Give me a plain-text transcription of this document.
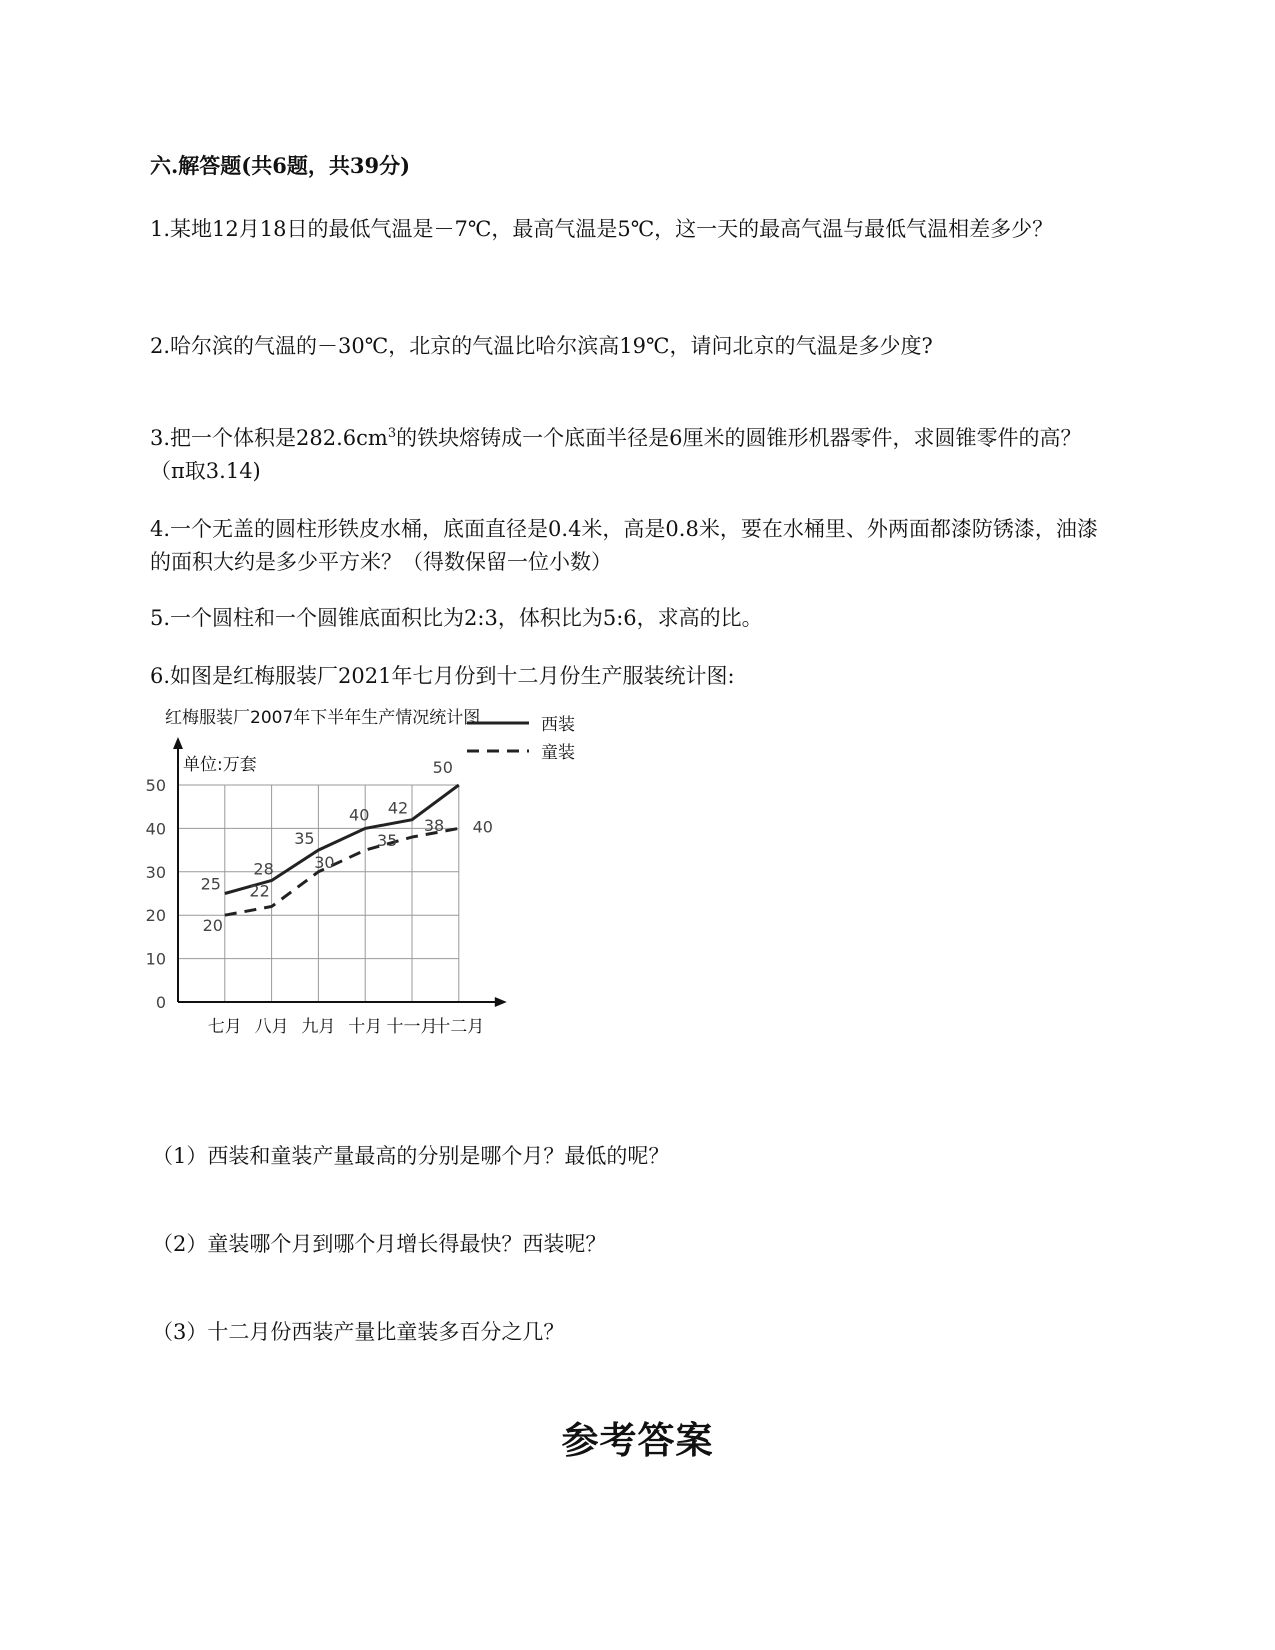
六.解答题(共6题，共39分)
1.某地12月18日的最低气温是－7℃，最高气温是5℃，这一天的最高气温与最低气温相差多少？
2.哈尔滨的气温的－30℃，北京的气温比哈尔滨高19℃，请问北京的气温是多少度?
3.把一个体积是$282.6cm^3$的铁块熔铸成一个底面半径是6厘米的圆锥形机器零件，求圆锥零件的高？（π取3.14)
4.一个无盖的圆柱形铁皮水桶，底面直径是0.4米，高是0.8米，要在水桶里、外两面都漆防锈漆，油漆的面积大约是多少平方米？（得数保留一位小数）
5.一个圆柱和一个圆锥底面积比为2:3，体积比为5:6，求高的比。
6.如图是红梅服装厂2021年七月份到十二月份生产服装统计图:
红梅服装厂2007年下半年生产情况统计图
0
10
20
30
40
50
单位:万套
七月 八月 九月 十月 十一月
十二月
25
28
35
40 42
50
20
22
30
35
38 40
西装
童装
（1）西装和童装产量最高的分别是哪个月？最低的呢？
（2）童装哪个月到哪个月增长得最快？西装呢？
（3）十二月份西装产量比童装多百分之几？
参考答案
